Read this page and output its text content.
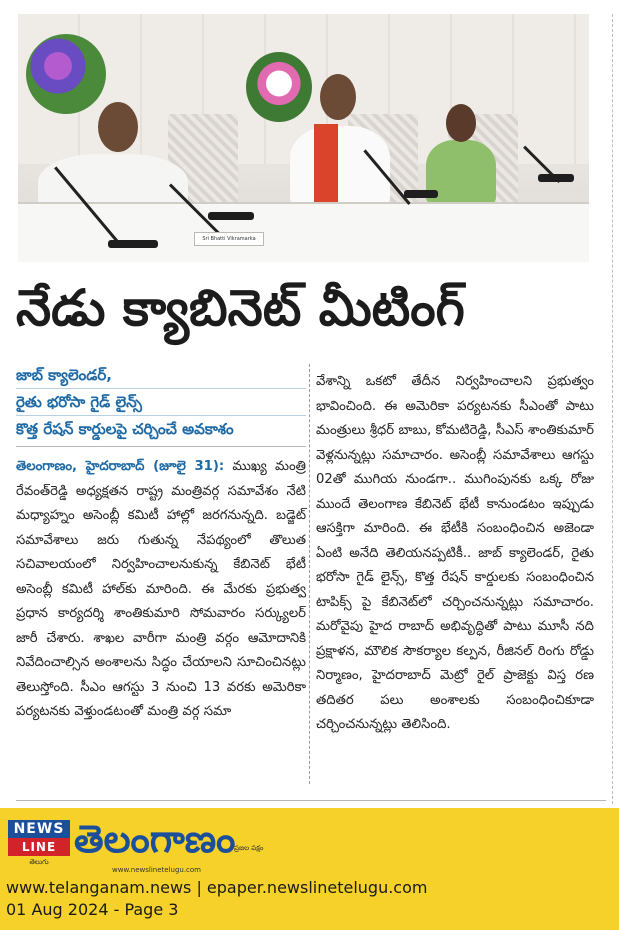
Sri Bhatti Vikramarka
నేడు క్యాబినెట్ మీటింగ్
జాబ్ క్యాలెండర్,
రైతు భరోసా గైడ్ లైన్స్
కొత్త రేషన్ కార్డులపై చర్చించే అవకాశం

తెలంగాణం, హైదరాబాద్ (జూలై 31): ముఖ్య మంత్రి రేవంత్‌రెడ్డి అధ్యక్షతన రాష్ట్ర మంత్రివర్గ సమావేశం నేటి మధ్యాహ్నం అసెంబ్లీ కమిటీ హాల్లో జరగనున్నది. బడ్జెట్ సమావేశాలు జరు గుతున్న నేపథ్యంలో తొలుత సచివాలయంలో నిర్వహించాలనుకున్న కేబినెట్ భేటీ అసెంబ్లీ కమిటీ హాల్‌కు మారింది. ఈ మేరకు ప్రభుత్వ ప్రధాన కార్యదర్శి శాంతికుమారి సోమవారం సర్క్యులర్ జారీ చేశారు. శాఖల వారీగా మంత్రి వర్గం ఆమోదానికి నివేదించాల్సిన అంశాలను సిద్ధం చేయాలని సూచించినట్లు తెలుస్తోంది. సీఎం ఆగస్టు 3 నుంచి 13 వరకు అమెరికా పర్యటనకు వెళ్తుండటంతో మంత్రి వర్గ సమా

వేశాన్ని ఒకటో తేదీన నిర్వహించాలని ప్రభుత్వం భావించింది. ఈ అమెరికా పర్యటనకు సీఎంతో పాటు మంత్రులు శ్రీధర్ బాబు, కోమటిరెడ్డి, సీఎస్ శాంతికుమార్ వెళ్లనున్నట్లు సమాచారం. అసెంబ్లీ సమావేశాలు ఆగస్టు 02తో ముగియ నుండగా.. ముగింపునకు ఒక్క రోజు ముందే తెలంగాణ కేబినెట్ భేటీ కానుండటం ఇప్పుడు ఆసక్తిగా మారింది. ఈ భేటీకి సంబంధించిన అజెండా ఏంటి అనేది తెలియనప్పటికీ.. జాబ్ క్యాలెండర్, రైతు భరోసా గైడ్ లైన్స్, కొత్త రేషన్ కార్డులకు సంబంధించిన టాపిక్స్ పై కేబినెట్‌లో చర్చించనున్నట్లు సమాచారం. మరోవైపు హైద రాబాద్ అభివృద్ధితో పాటు మూసీ నది ప్రక్షాళన, మౌలిక సౌకర్యాల కల్పన, రీజినల్ రింగు రోడ్డు నిర్మాణం, హైదరాబాద్ మెట్రో రైల్ ప్రాజెక్టు విస్త రణ తదితర పలు అంశాలకు సంబంధించికూడా చర్చించనున్నట్లు తెలిసింది.

NEWS
LINE
తెలుగు
తెలంగాణం
ప్రజల పక్షం
www.newslinetelugu.com
www.telanganam.news | epaper.newslinetelugu.com
01 Aug 2024 - Page 3
